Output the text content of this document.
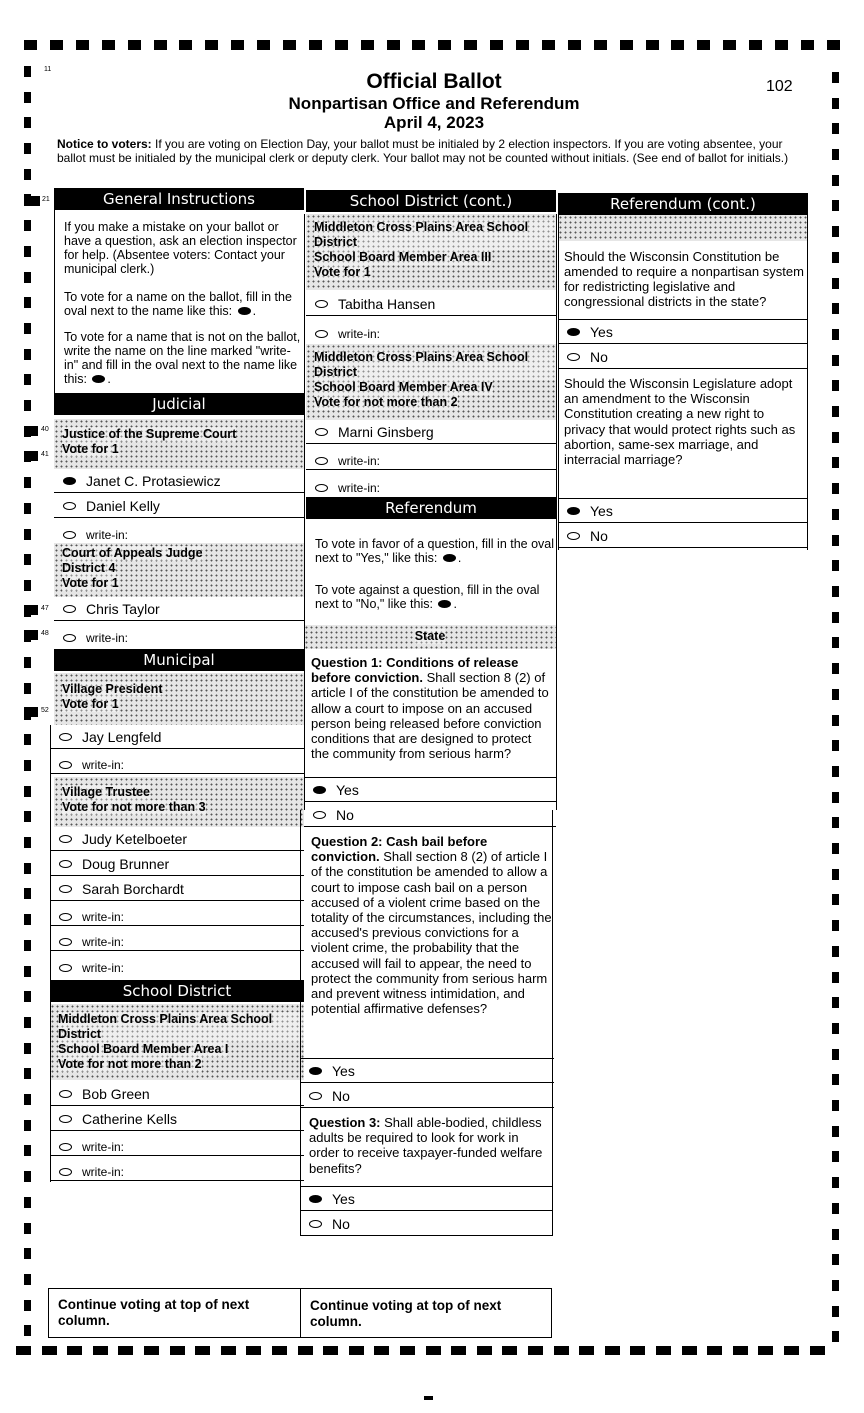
Official Ballot
Nonpartisan Office and Referendum
April 4, 2023
102
Notice to voters: If you are voting on Election Day, your ballot must be initialed by 2 election inspectors. If you are voting absentee, your ballot must be initialed by the municipal clerk or deputy clerk. Your ballot may not be counted without initials. (See end of ballot for initials.)
11
21
40
41
47
48
52
General Instructions
If you make a mistake on your ballot or have a question, ask an election inspector for help. (Absentee voters: Contact your municipal clerk.)
To vote for a name on the ballot, fill in the oval next to the name like this: .
To vote for a name that is not on the ballot, write the name on the line marked "write-in" and fill in the oval next to the name like this: .
Judicial
Justice of the Supreme Court
Vote for 1
Janet C. Protasiewicz
Daniel Kelly
write-in:
Court of Appeals Judge
District 4
Vote for 1
Chris Taylor
write-in:
Municipal
Village President
Vote for 1
Jay Lengfeld
write-in:
Village Trustee
Vote for not more than 3
Judy Ketelboeter
Doug Brunner
Sarah Borchardt
write-in:
write-in:
write-in:
School District
Middleton Cross Plains Area School District
School Board Member Area I
Vote for not more than 2
Bob Green
Catherine Kells
write-in:
write-in:
School District (cont.)
Middleton Cross Plains Area School District
School Board Member Area III
Vote for 1
Tabitha Hansen
write-in:
Middleton Cross Plains Area School District
School Board Member Area IV
Vote for not more than 2
Marni Ginsberg
write-in:
write-in:
Referendum
To vote in favor of a question, fill in the oval next to "Yes," like this: .
To vote against a question, fill in the oval next to "No," like this: .
State
Question 1: Conditions of release before conviction. Shall section 8 (2) of article I of the constitution be amended to allow a court to impose on an accused person being released before conviction conditions that are designed to protect the community from serious harm?
Yes
No
Question 2: Cash bail before conviction. Shall section 8 (2) of article I of the constitution be amended to allow a court to impose cash bail on a person accused of a violent crime based on the totality of the circumstances, including the accused's previous convictions for a violent crime, the probability that the accused will fail to appear, the need to protect the community from serious harm and prevent witness intimidation, and potential affirmative defenses?
Yes
No
Question 3: Shall able-bodied, childless adults be required to look for work in order to receive taxpayer-funded welfare benefits?
Yes
No
Continue voting at top of next column.
Continue voting at top of next column.
Referendum (cont.)
Should the Wisconsin Constitution be amended to require a nonpartisan system for redistricting legislative and congressional districts in the state?
Yes
No
Should the Wisconsin Legislature adopt an amendment to the Wisconsin Constitution creating a new right to privacy that would protect rights such as abortion, same-sex marriage, and interracial marriage?
Yes
No
